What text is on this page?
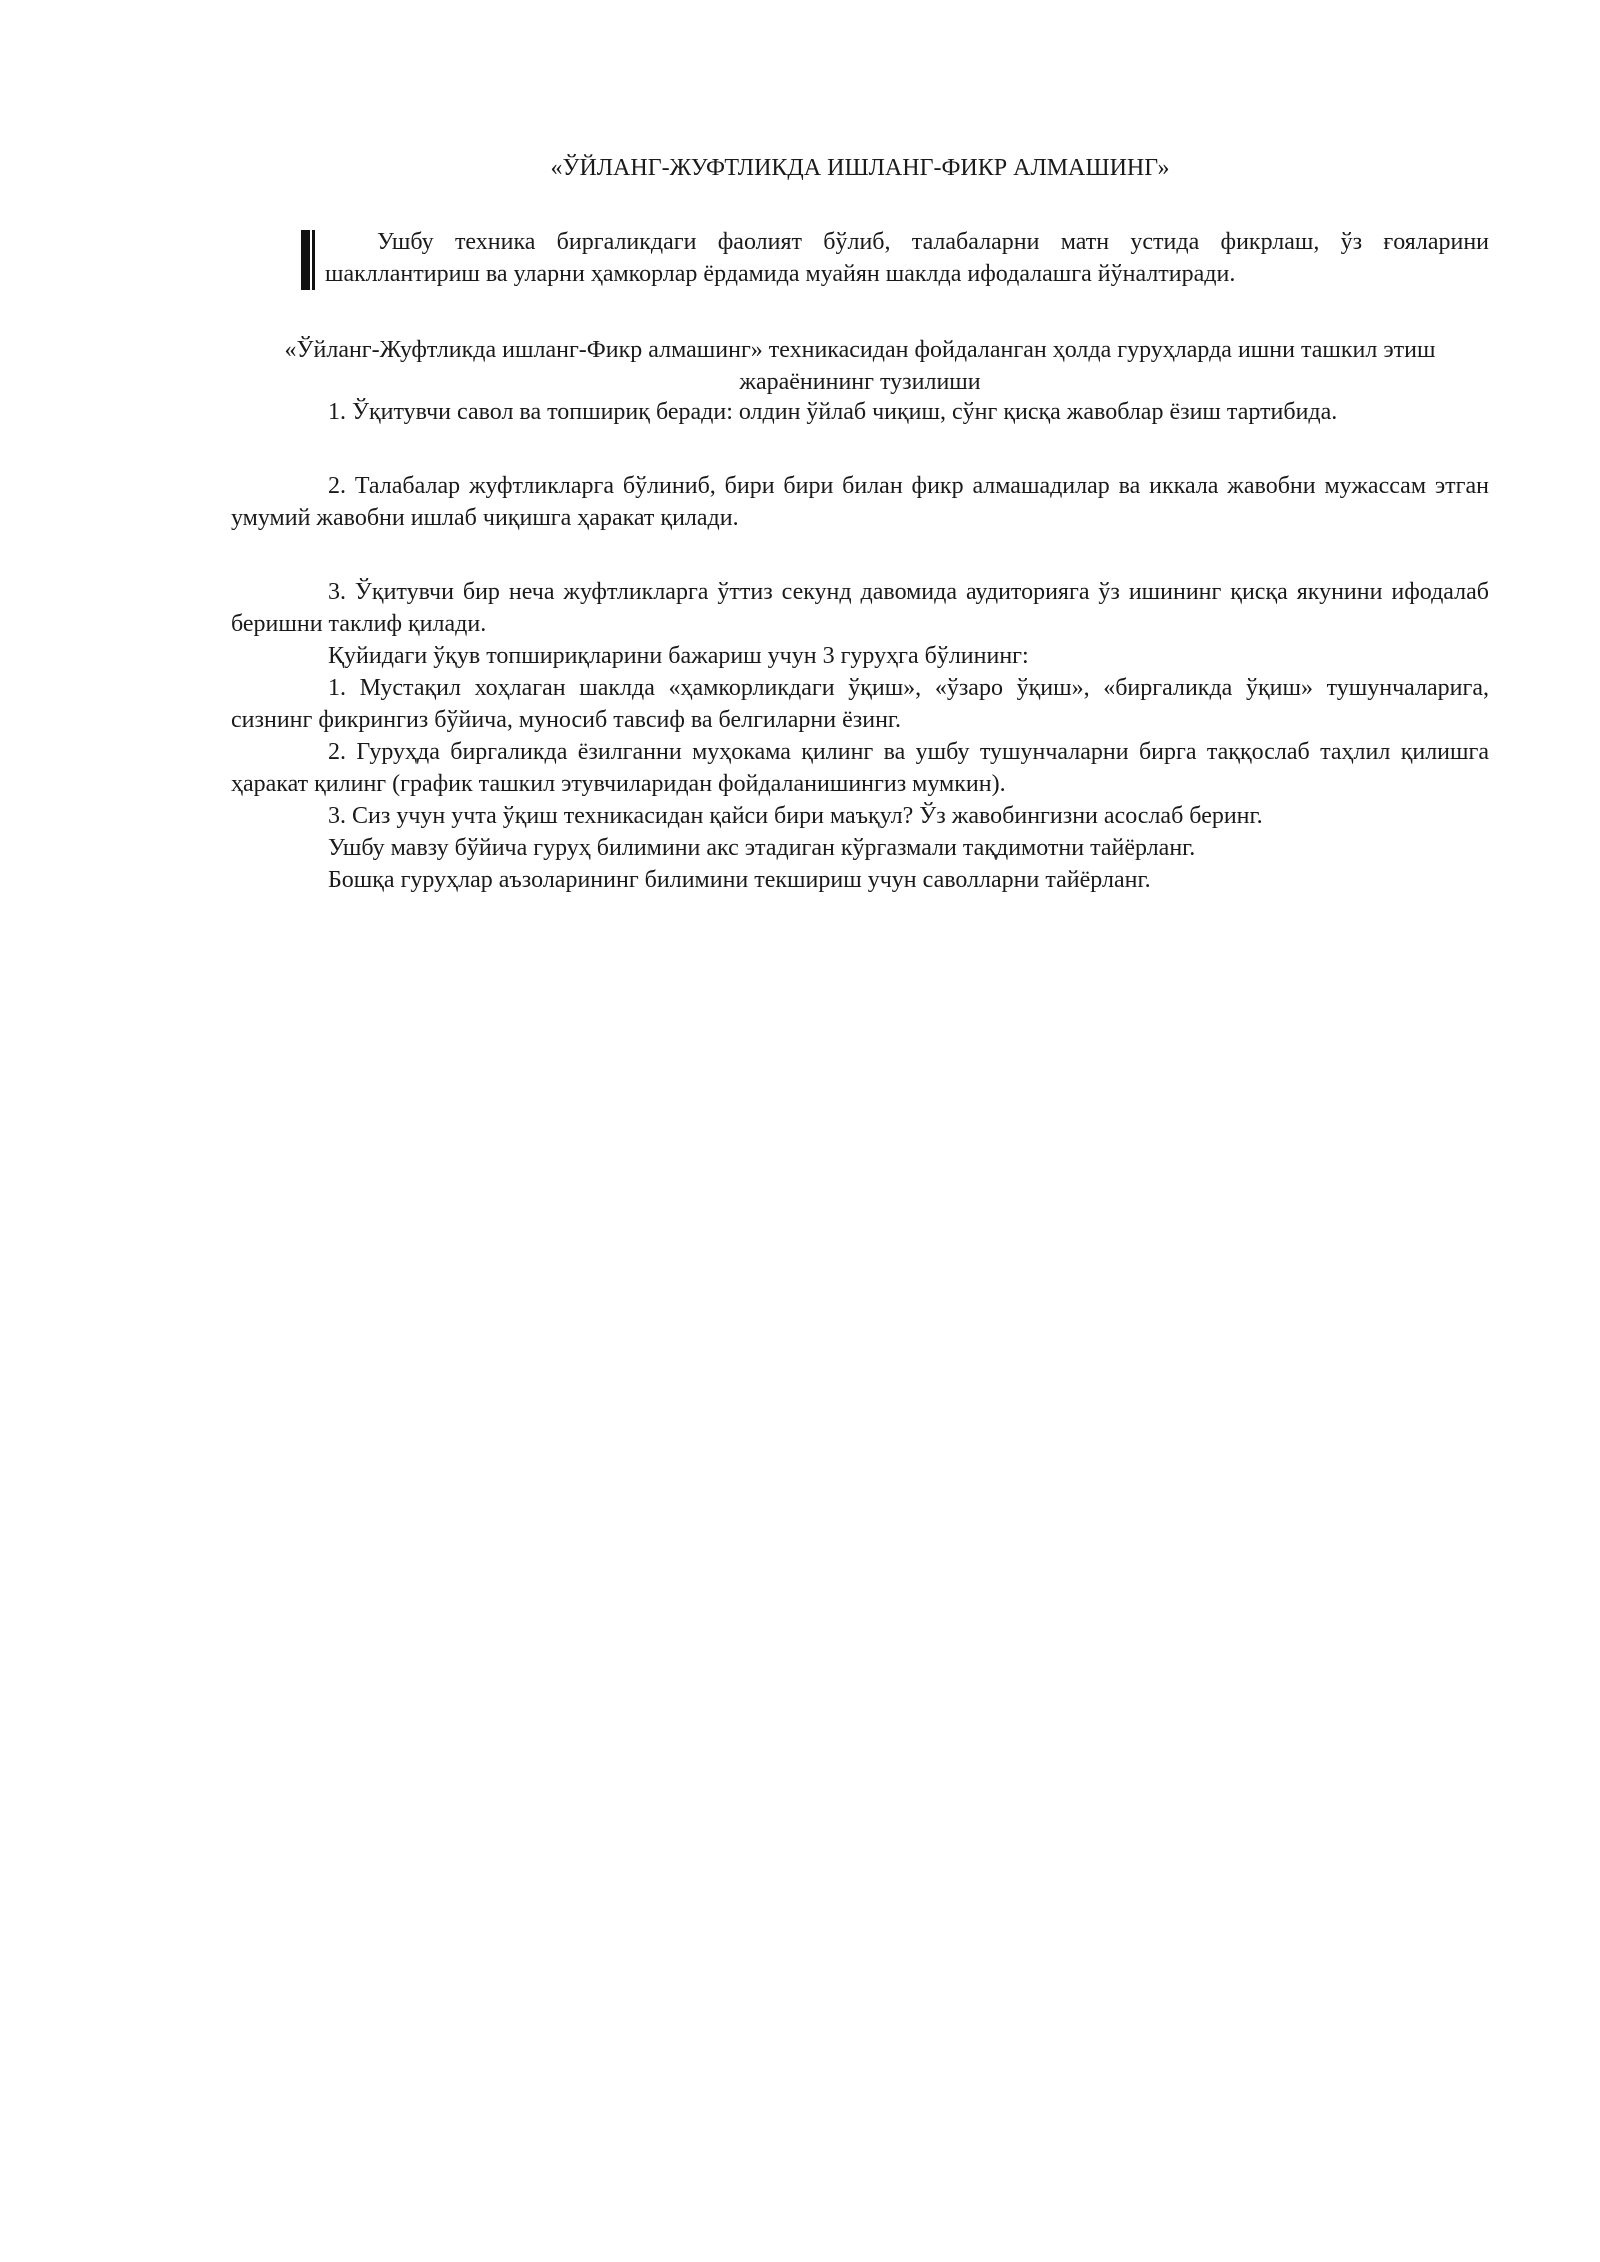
«ЎЙЛАНГ-ЖУФТЛИКДА ИШЛАНГ-ФИКР АЛМАШИНГ»

Ушбу техника биргаликдаги фаолият бўлиб, талабаларни матн устида фикрлаш, ўз ғояларини шакллантириш ва уларни ҳамкорлар ёрдамида муайян шаклда ифодалашга йўналтиради.

«Ўйланг-Жуфтликда ишланг-Фикр алмашинг» техникасидан фойдаланган ҳолда гуруҳларда ишни ташкил этиш жараёнининг тузилиши

1. Ўқитувчи савол ва топшириқ беради: олдин ўйлаб чиқиш, сўнг қисқа жавоблар ёзиш тартибида.

2. Талабалар жуфтликларга бўлиниб, бири бири билан фикр алмашадилар ва иккала жавобни мужассам этган умумий жавобни ишлаб чиқишга ҳаракат қилади.

3. Ўқитувчи бир неча жуфтликларга ўттиз секунд давомида аудиторияга ўз ишининг қисқа якунини ифодалаб беришни таклиф қилади.

Қуйидаги ўқув топшириқларини бажариш учун 3 гуруҳга бўлининг:

1. Мустақил хоҳлаган шаклда «ҳамкорликдаги ўқиш», «ўзаро ўқиш», «биргаликда ўқиш» тушунчаларига, сизнинг фикрингиз бўйича, муносиб тавсиф ва белгиларни ёзинг.

2. Гуруҳда биргаликда ёзилганни муҳокама қилинг ва ушбу тушунчаларни бирга таққослаб таҳлил қилишга ҳаракат қилинг (график ташкил этувчиларидан фойдаланишингиз мумкин).

3. Сиз учун учта ўқиш техникасидан қайси бири маъқул? Ўз жавобингизни асослаб беринг.

Ушбу мавзу бўйича гуруҳ билимини акс этадиган кўргазмали тақдимотни тайёрланг.

Бошқа гуруҳлар аъзоларининг билимини текшириш учун саволларни тайёрланг.
